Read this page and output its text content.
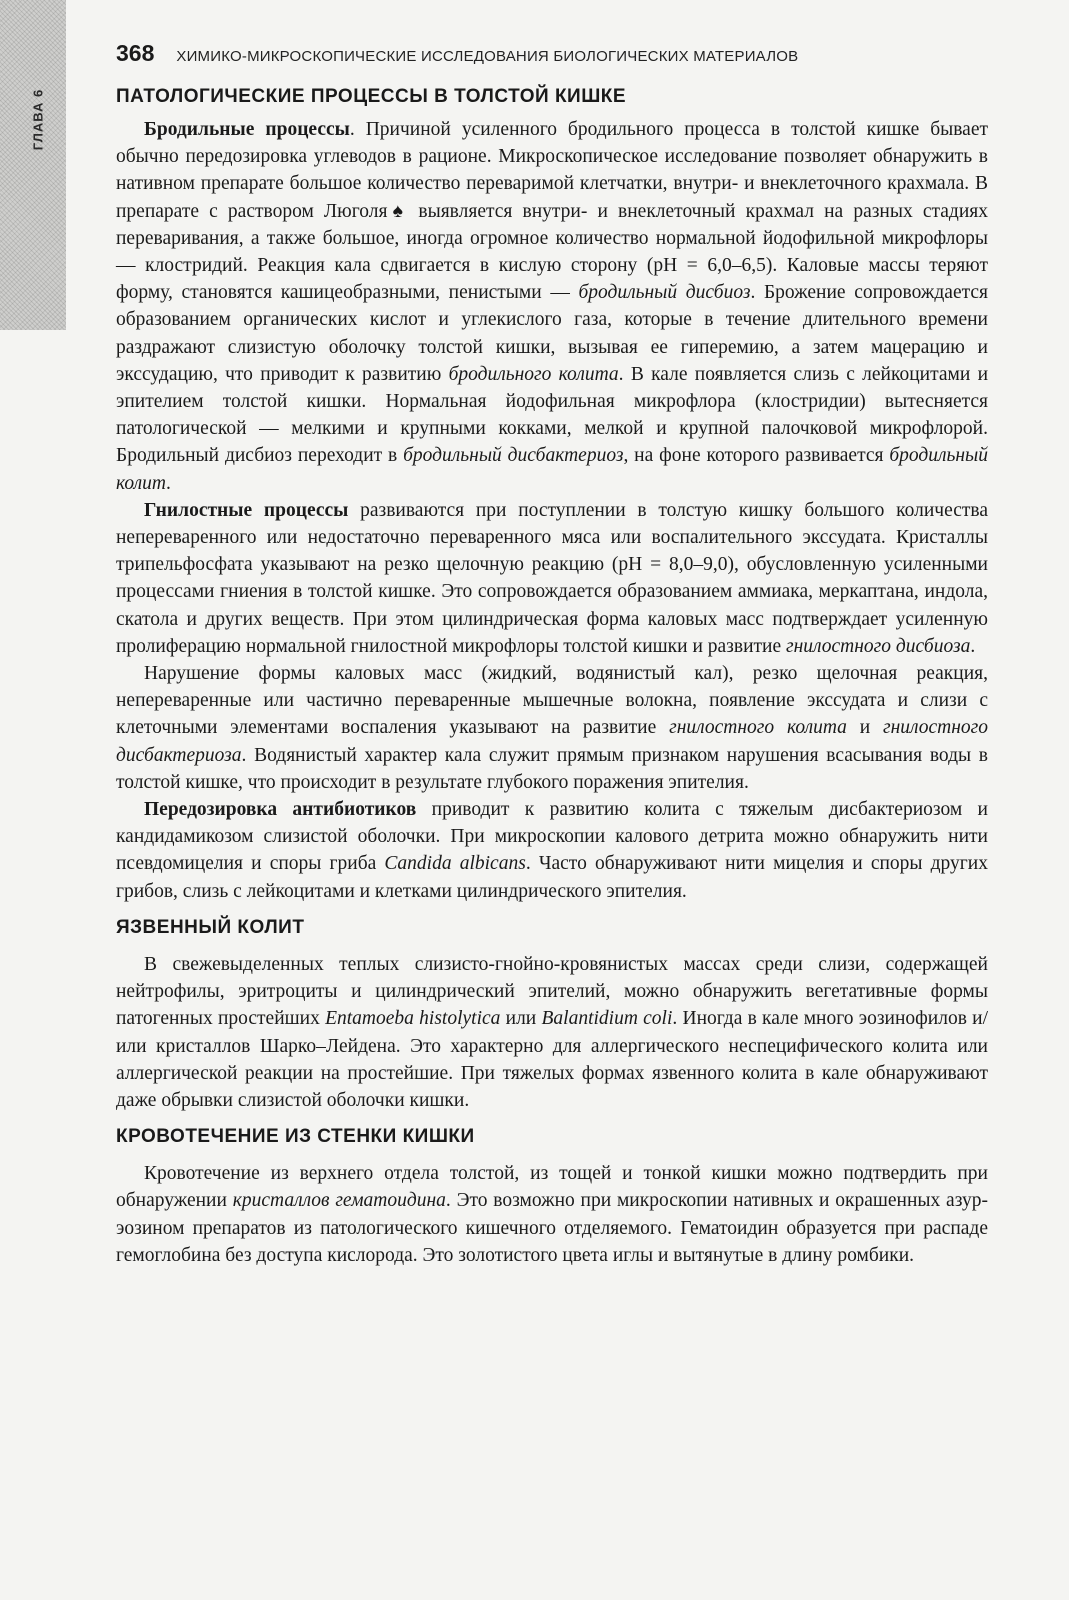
ГЛАВА 6
368 ХИМИКО-МИКРОСКОПИЧЕСКИЕ ИССЛЕДОВАНИЯ БИОЛОГИЧЕСКИХ МАТЕРИАЛОВ
ПАТОЛОГИЧЕСКИЕ ПРОЦЕССЫ В ТОЛСТОЙ КИШКЕ

Бродильные процессы. Причиной усиленного бродильного процесса в толстой кишке бывает обычно передозировка углеводов в рационе. Микроскопическое исследование позволяет обнаружить в нативном препарате большое количество переваримой клетчатки, внутри- и внеклеточного крахмала. В препарате с раствором Люголя♠ выявляется внутри- и внеклеточный крахмал на разных стадиях переваривания, а также большое, иногда огромное количество нормальной йодофильной микрофлоры — клостридий. Реакция кала сдвигается в кислую сторону (pH = 6,0–6,5). Каловые массы теряют форму, становятся кашицеобразными, пенистыми — бродильный дисбиоз. Брожение сопровождается образованием органических кислот и углекислого газа, которые в течение длительного времени раздражают слизистую оболочку толстой кишки, вызывая ее гиперемию, а затем мацерацию и экссудацию, что приводит к развитию бродильного колита. В кале появляется слизь с лейкоцитами и эпителием толстой кишки. Нормальная йодофильная микрофлора (клостридии) вытесняется патологической — мелкими и крупными кокками, мелкой и крупной палочковой микрофлорой. Бродильный дисбиоз переходит в бродильный дисбактериоз, на фоне которого развивается бродильный колит.

Гнилостные процессы развиваются при поступлении в толстую кишку большого количества непереваренного или недостаточно переваренного мяса или воспалительного экссудата. Кристаллы трипельфосфата указывают на резко щелочную реакцию (pH = 8,0–9,0), обусловленную усиленными процессами гниения в толстой кишке. Это сопровождается образованием аммиака, меркаптана, индола, скатола и других веществ. При этом цилиндрическая форма каловых масс подтверждает усиленную пролиферацию нормальной гнилостной микрофлоры толстой кишки и развитие гнилостного дисбиоза.

Нарушение формы каловых масс (жидкий, водянистый кал), резко щелочная реакция, непереваренные или частично переваренные мышечные волокна, появление экссудата и слизи с клеточными элементами воспаления указывают на развитие гнилостного колита и гнилостного дисбактериоза. Водянистый характер кала служит прямым признаком нарушения всасывания воды в толстой кишке, что происходит в результате глубокого поражения эпителия.

Передозировка антибиотиков приводит к развитию колита с тяжелым дисбактериозом и кандидамикозом слизистой оболочки. При микроскопии калового детрита можно обнаружить нити псевдомицелия и споры гриба Candida albicans. Часто обнаруживают нити мицелия и споры других грибов, слизь с лейкоцитами и клетками цилиндрического эпителия.

ЯЗВЕННЫЙ КОЛИТ

В свежевыделенных теплых слизисто-гнойно-кровянистых массах среди слизи, содержащей нейтрофилы, эритроциты и цилиндрический эпителий, можно обнаружить вегетативные формы патогенных простейших Entamoeba histolytica или Balantidium coli. Иногда в кале много эозинофилов и/или кристаллов Шарко–Лейдена. Это характерно для аллергического неспецифического колита или аллергической реакции на простейшие. При тяжелых формах язвенного колита в кале обнаруживают даже обрывки слизистой оболочки кишки.

КРОВОТЕЧЕНИЕ ИЗ СТЕНКИ КИШКИ

Кровотечение из верхнего отдела толстой, из тощей и тонкой кишки можно подтвердить при обнаружении кристаллов гематоидина. Это возможно при микроскопии нативных и окрашенных азур-эозином препаратов из патологического кишечного отделяемого. Гематоидин образуется при распаде гемоглобина без доступа кислорода. Это золотистого цвета иглы и вытянутые в длину ромбики.
